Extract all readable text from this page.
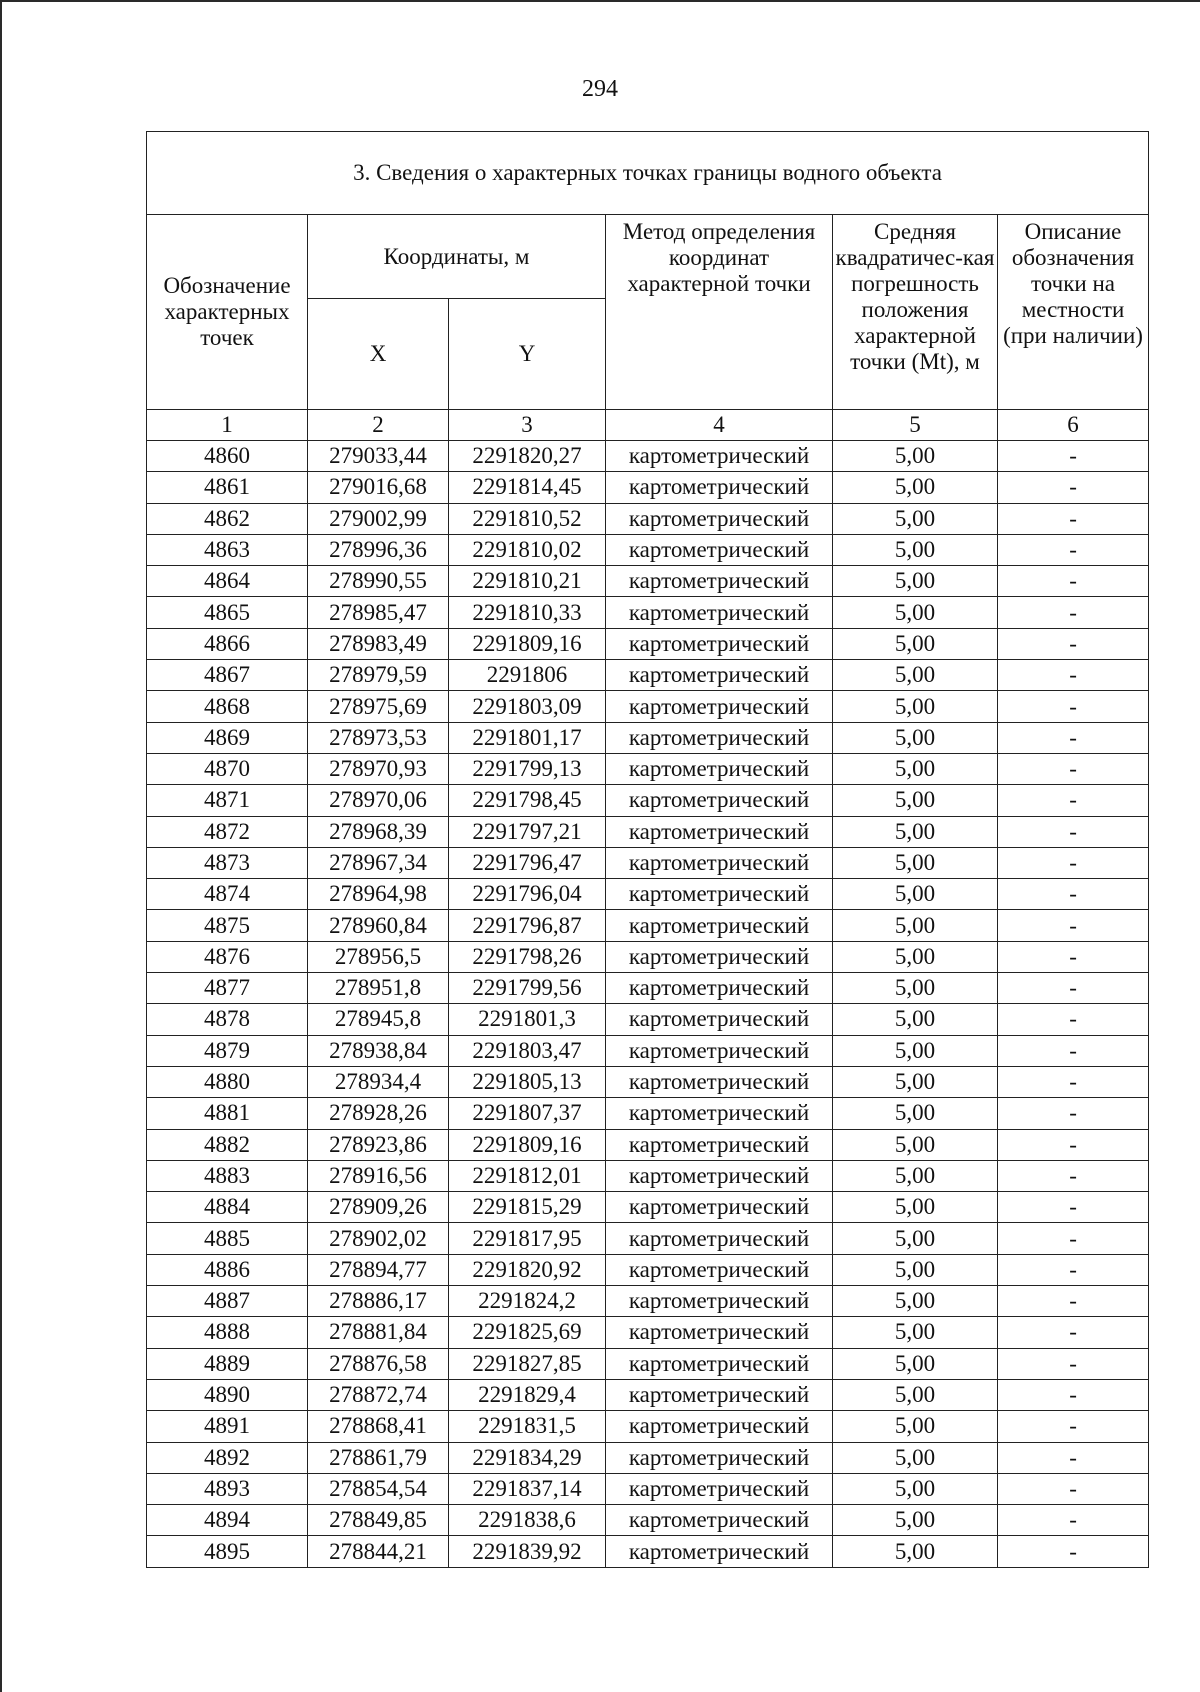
294
3. Сведения о характерных точках границы водного объекта					
Обозначение характерных точек	Координаты, м		Метод определения координат характерной точки	Средняя квадратичес-кая погрешность положения характерной точки (Mt), м	Описание обозначения точки на местности (при наличии)
	X	Y			
1	2	3	4	5	6
4860	279033,44	2291820,27	картометрический	5,00	-
4861	279016,68	2291814,45	картометрический	5,00	-
4862	279002,99	2291810,52	картометрический	5,00	-
4863	278996,36	2291810,02	картометрический	5,00	-
4864	278990,55	2291810,21	картометрический	5,00	-
4865	278985,47	2291810,33	картометрический	5,00	-
4866	278983,49	2291809,16	картометрический	5,00	-
4867	278979,59	2291806	картометрический	5,00	-
4868	278975,69	2291803,09	картометрический	5,00	-
4869	278973,53	2291801,17	картометрический	5,00	-
4870	278970,93	2291799,13	картометрический	5,00	-
4871	278970,06	2291798,45	картометрический	5,00	-
4872	278968,39	2291797,21	картометрический	5,00	-
4873	278967,34	2291796,47	картометрический	5,00	-
4874	278964,98	2291796,04	картометрический	5,00	-
4875	278960,84	2291796,87	картометрический	5,00	-
4876	278956,5	2291798,26	картометрический	5,00	-
4877	278951,8	2291799,56	картометрический	5,00	-
4878	278945,8	2291801,3	картометрический	5,00	-
4879	278938,84	2291803,47	картометрический	5,00	-
4880	278934,4	2291805,13	картометрический	5,00	-
4881	278928,26	2291807,37	картометрический	5,00	-
4882	278923,86	2291809,16	картометрический	5,00	-
4883	278916,56	2291812,01	картометрический	5,00	-
4884	278909,26	2291815,29	картометрический	5,00	-
4885	278902,02	2291817,95	картометрический	5,00	-
4886	278894,77	2291820,92	картометрический	5,00	-
4887	278886,17	2291824,2	картометрический	5,00	-
4888	278881,84	2291825,69	картометрический	5,00	-
4889	278876,58	2291827,85	картометрический	5,00	-
4890	278872,74	2291829,4	картометрический	5,00	-
4891	278868,41	2291831,5	картометрический	5,00	-
4892	278861,79	2291834,29	картометрический	5,00	-
4893	278854,54	2291837,14	картометрический	5,00	-
4894	278849,85	2291838,6	картометрический	5,00	-
4895	278844,21	2291839,92	картометрический	5,00	-
